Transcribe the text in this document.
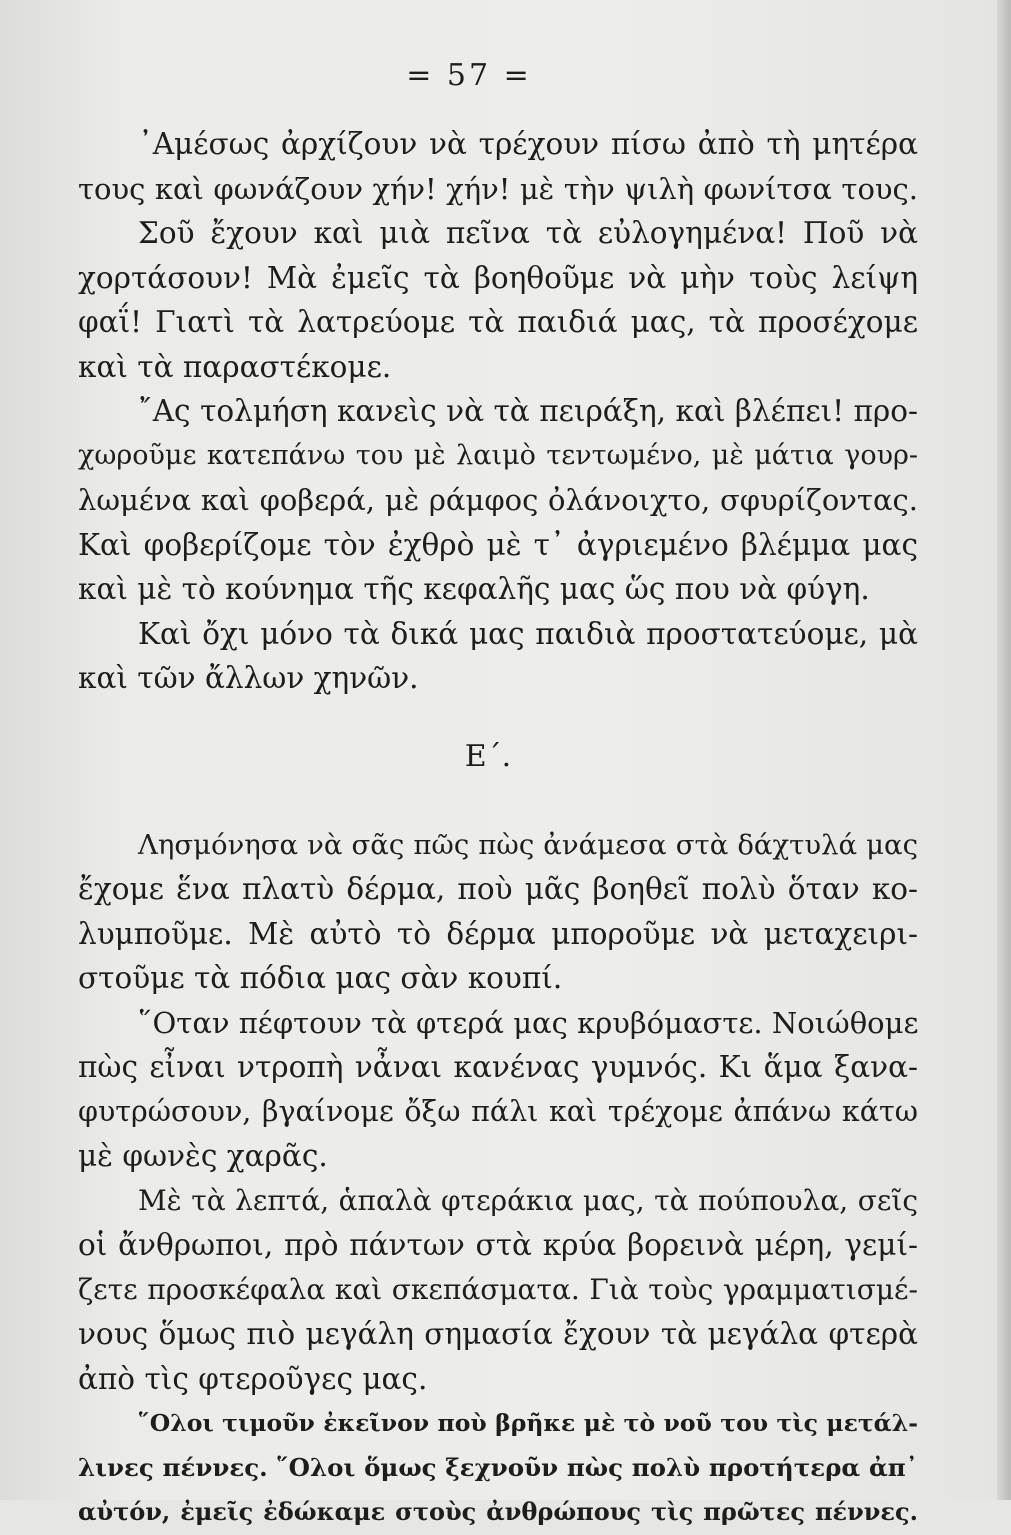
= 57 =
᾽Αμέσως ἀρχίζουν νὰ τρέχουν πίσω ἀπὸ τὴ μητέρα
τους καὶ φωνάζουν χήν! χήν! μὲ τὴν ψιλὴ φωνίτσα τους.
Σοῦ ἔχουν καὶ μιὰ πεῖνα τὰ εὐλογημένα! Ποῦ νὰ
χορτάσουν! Μὰ ἐμεῖς τὰ βοηθοῦμε νὰ μὴν τοὺς λείψη
φαΐ! Γιατὶ τὰ λατρεύομε τὰ παιδιά μας, τὰ προσέχομε
καὶ τὰ παραστέκομε.
῎Ας τολμήση κανεὶς νὰ τὰ πειράξη, καὶ βλέπει! προ-
χωροῦμε κατεπάνω του μὲ λαιμὸ τεντωμένο, μὲ μάτια γουρ-
λωμένα καὶ φοβερά, μὲ ράμφος ὀλάνοιχτο, σφυρίζοντας.
Καὶ φοβερίζομε τὸν ἐχθρὸ μὲ τ᾽ ἀγριεμένο βλέμμα μας
καὶ μὲ τὸ κούνημα τῆς κεφαλῆς μας ὥς που νὰ φύγη.
Καὶ ὄχι μόνο τὰ δικά μας παιδιὰ προστατεύομε, μὰ
καὶ τῶν ἄλλων χηνῶν.
Ε΄.
Λησμόνησα νὰ σᾶς πῶς πὼς ἀνάμεσα στὰ δάχτυλά μας
ἔχομε ἕνα πλατὺ δέρμα, ποὺ μᾶς βοηθεῖ πολὺ ὅταν κο-
λυμποῦμε. Μὲ αὐτὸ τὸ δέρμα μποροῦμε νὰ μεταχειρι-
στοῦμε τὰ πόδια μας σὰν κουπί.
῞Οταν πέφτουν τὰ φτερά μας κρυβόμαστε. Νοιώθομε
πὼς εἶναι ντροπὴ νἆναι κανένας γυμνός. Κι ἅμα ξανα-
φυτρώσουν, βγαίνομε ὄξω πάλι καὶ τρέχομε ἀπάνω κάτω
μὲ φωνὲς χαρᾶς.
Μὲ τὰ λεπτά, ἁπαλὰ φτεράκια μας, τὰ πούπουλα, σεῖς
οἱ ἄνθρωποι, πρὸ πάντων στὰ κρύα βορεινὰ μέρη, γεμί-
ζετε προσκέφαλα καὶ σκεπάσματα. Γιὰ τοὺς γραμματισμέ-
νους ὅμως πιὸ μεγάλη σημασία ἔχουν τὰ μεγάλα φτερὰ
ἀπὸ τὶς φτεροῦγες μας.
῞Ολοι τιμοῦν ἐκεῖνον ποὺ βρῆκε μὲ τὸ νοῦ του τὶς μετάλ-
λινες πέννες. ῞Ολοι ὅμως ξεχνοῦν πὼς πολὺ προτήτερα ἀπ᾽
αὐτόν, ἐμεῖς ἐδώκαμε στοὺς ἀνθρώπους τὶς πρῶτες πέννες.
